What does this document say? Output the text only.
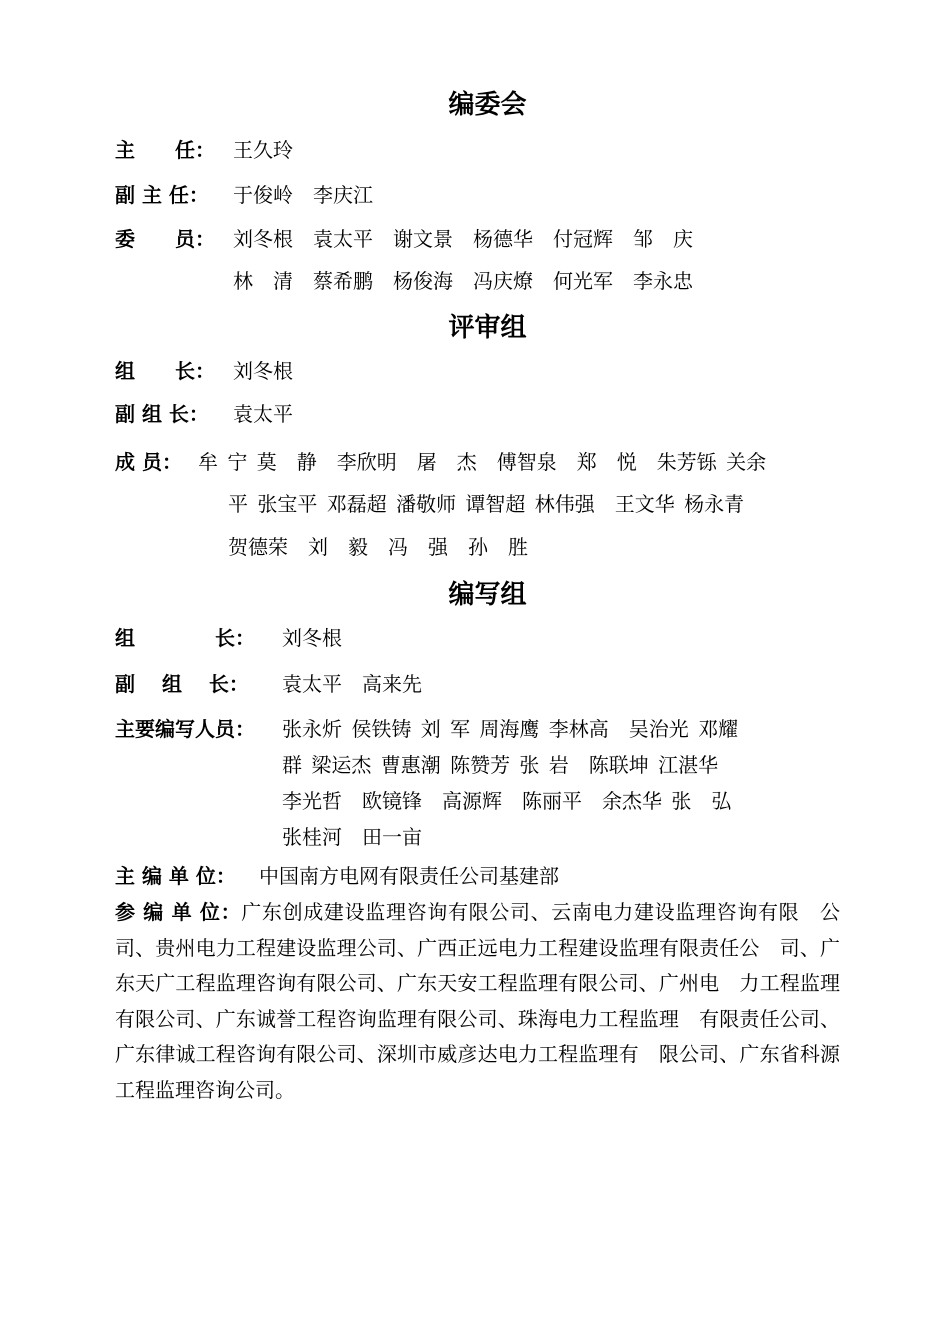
编委会
主　　任： 王久玲
副 主 任： 于俊岭　李庆江
委　　员： 刘冬根　袁太平　谢文景　杨德华　付冠辉　邹　庆
林　清　蔡希鹏　杨俊海　冯庆燎　何光军　李永忠
评审组
组　　长： 刘冬根
副 组 长： 袁太平
成 员： 牟 宁 莫　静　李欣明　屠　杰　傅智泉　郑　悦　朱芳铄 关余
平 张宝平 邓磊超 潘敬师 谭智超 林伟强　王文华 杨永青
贺德荣　刘　毅　冯　强　孙　胜
编写组
组　　　　长： 刘冬根
副　 组　 长： 袁太平　高来先
主要编写人员： 张永炘 侯铁铸 刘 军 周海鹰 李林高　吴治光 邓耀
群 梁运杰 曹惠潮 陈赞芳 张 岩　陈联坤 江湛华
李光哲　欧镜锋　高源辉　陈丽平　余杰华 张　弘
张桂河　田一亩
主 编 单 位： 中国南方电网有限责任公司基建部
参 编 单 位：广东创成建设监理咨询有限公司、云南电力建设监理咨询有限　公司、贵州电力工程建设监理公司、广西正远电力工程建设监理有限责任公　司、广东天广工程监理咨询有限公司、广东天安工程监理有限公司、广州电　力工程监理有限公司、广东诚誉工程咨询监理有限公司、珠海电力工程监理　有限责任公司、广东律诚工程咨询有限公司、深圳市威彦达电力工程监理有　限公司、广东省科源工程监理咨询公司。
